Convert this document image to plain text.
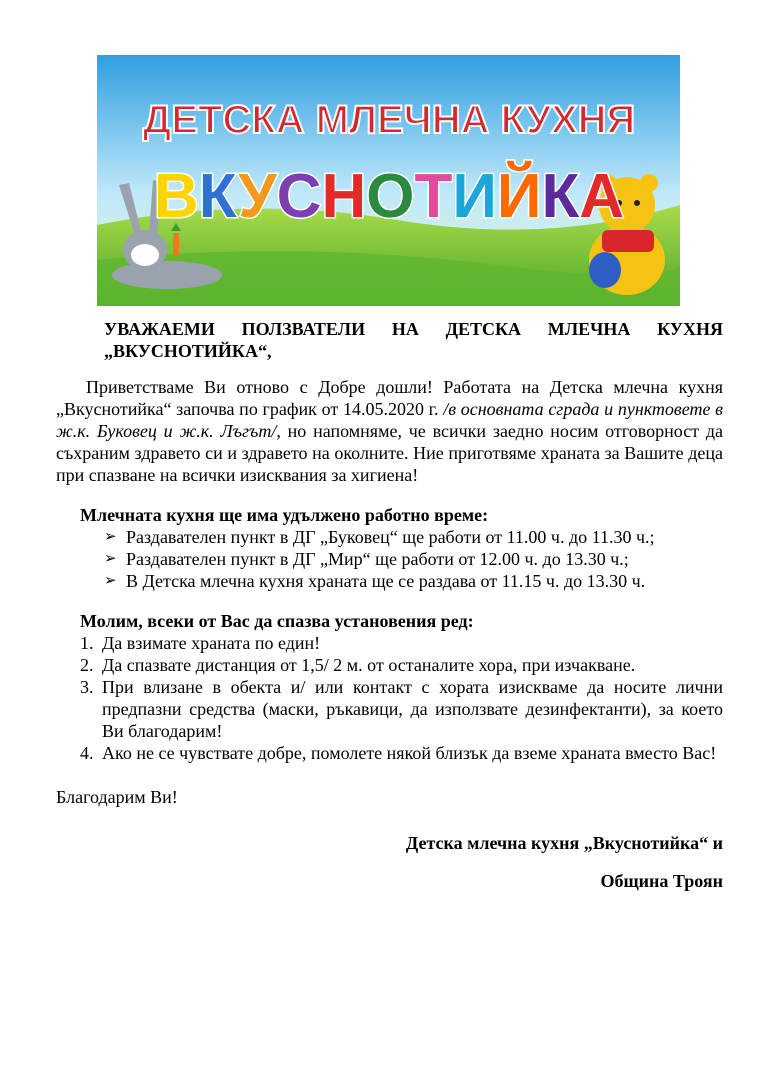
ДЕТСКА МЛЕЧНА КУХНЯ
ВКУСНОТИЙКА
УВАЖАЕМИ ПОЛЗВАТЕЛИ НА ДЕТСКА МЛЕЧНА КУХНЯ
„ВКУСНОТИЙКА“,

Приветстваме Ви отново с Добре дошли! Работата на Детска млечна кухня „Вкуснотийка“ започва по график от 14.05.2020 г. /в основната сграда и пунктовете в ж.к. Буковец и ж.к. Лъгът/, но напомняме, че всички заедно носим отговорност да съхраним здравето си и здравето на околните. Ние приготвяме храната за Вашите деца при спазване на всички изисквания за хигиена!

Млечната кухня ще има удължено работно време:
➢ Раздавателен пункт в ДГ „Буковец“ ще работи от 11.00 ч. до 11.30 ч.;
➢ Раздавателен пункт в ДГ „Мир“ ще работи от 12.00 ч. до 13.30 ч.;
➢ В Детска млечна кухня храната ще се раздава от 11.15 ч. до 13.30 ч.
Молим, всеки от Вас да спазва установения ред:
1. Да взимате храната по един!
2. Да спазвате дистанция от 1,5/ 2 м. от останалите хора, при изчакване.
3. При влизане в обекта и/ или контакт с хората изискваме да носите лични предпазни средства (маски, ръкавици, да използвате дезинфектанти), за което Ви благодарим!
4. Ако не се чувствате добре, помолете някой близък да вземе храната вместо Вас!
Благодарим Ви!
Детска млечна кухня „Вкуснотийка“ и
Община Троян
